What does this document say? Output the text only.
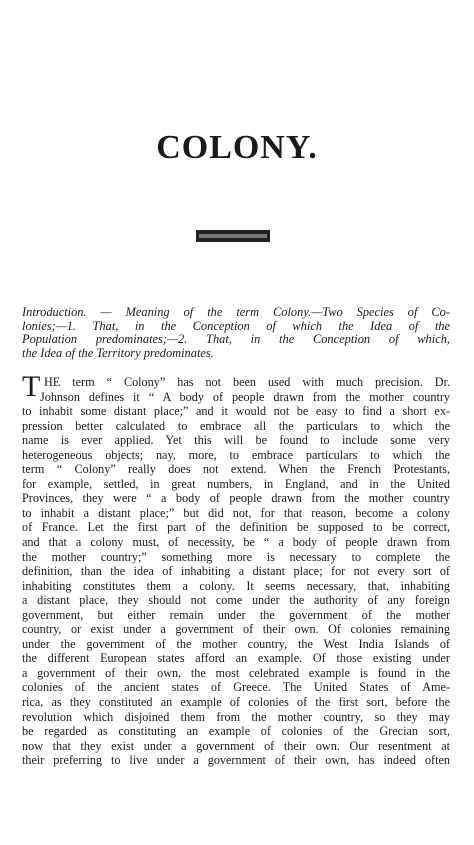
COLONY.
Introduction. — Meaning of the term Colony.—Two Species of Co-
lonies;—1. That, in the Conception of which the Idea of the
Population predominates;—2. That, in the Conception of which,
the Idea of the Territory predominates.
T HE term “ Colony” has not been used with much precision. Dr.
Johnson defines it “ A body of people drawn from the mother country
to inhabit some distant place;” and it would not be easy to find a short ex-
pression better calculated to embrace all the particulars to which the
name is ever applied. Yet this will be found to include some very
heterogeneous objects; nay, more, to embrace particulars to which the
term “ Colony” really does not extend. When the French Protestants,
for example, settled, in great numbers, in England, and in the United
Provinces, they were “ a body of people drawn from the mother country
to inhabit a distant place;” but did not, for that reason, become a colony
of France. Let the first part of the definition be supposed to be correct,
and that a colony must, of necessity, be “ a body of people drawn from
the mother country;” something more is necessary to complete the
definition, than the idea of inhabiting a distant place; for not every sort of
inhabiting constitutes them a colony. It seems necessary, that, inhabiting
a distant place, they should not come under the authority of any foreign
government, but either remain under the government of the mother
country, or exist under a government of their own. Of colonies remaining
under the government of the mother country, the West India Islands of
the different European states afford an example. Of those existing under
a government of their own, the most celebrated example is found in the
colonies of the ancient states of Greece. The United States of Ame-
rica, as they constituted an example of colonies of the first sort, before the
revolution which disjoined them from the mother country, so they may
be regarded as constituting an example of colonies of the Grecian sort,
now that they exist under a government of their own. Our resentment at
their preferring to live under a government of their own, has indeed often
